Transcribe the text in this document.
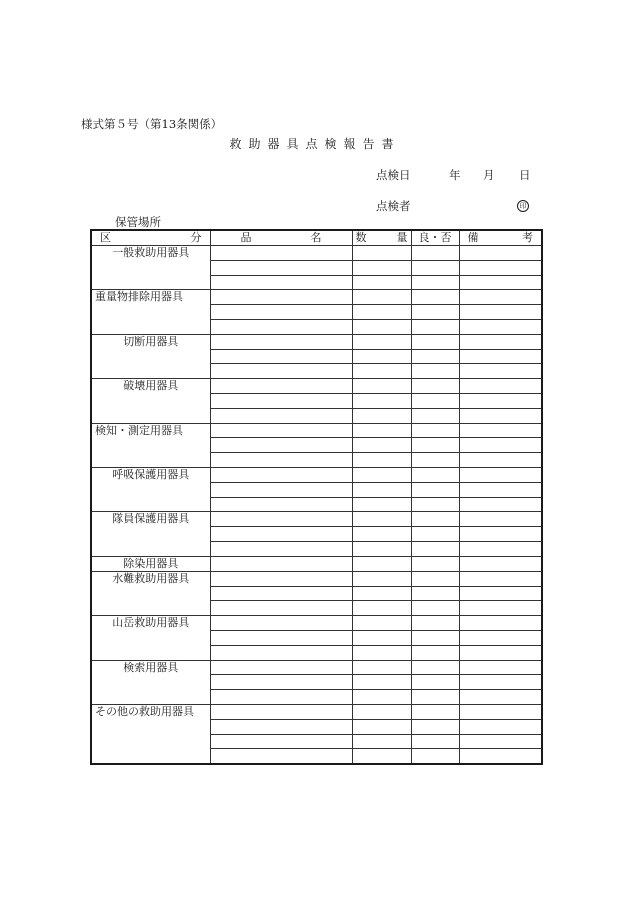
様式第５号（第13条関係）
救助器具点検報告書
点検日	年 月 日
点検者	印
保管場所
区 分	品 名	数 量	良・否	備 考

一般救助用器具				

重量物排除用器具				

切断用器具				

破壊用器具				

検知・測定用器具				

呼吸保護用器具				

隊員保護用器具				

除染用器具				
水難救助用器具				

山岳救助用器具				

検索用器具				

その他の救助用器具				
